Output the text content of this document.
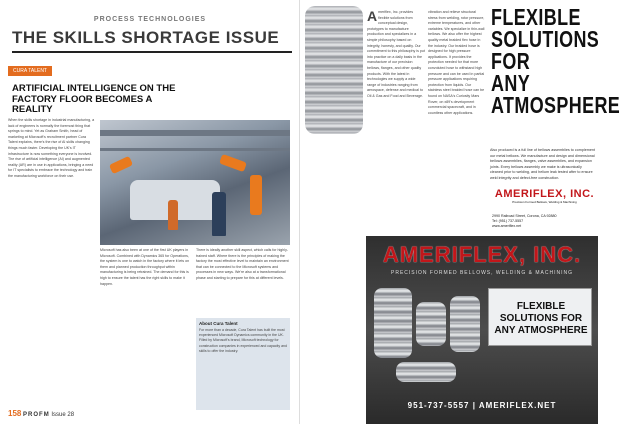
PROCESS TECHNOLOGIES
THE SKILLS SHORTAGE ISSUE
CURA TALENT
ARTIFICIAL INTELLIGENCE ON THE FACTORY FLOOR BECOMES A REALITY
When the skills shortage in industrial manufacturing, a lack of engineers is normally the foremost thing that springs to mind. Yet as Graham Smith, head of marketing at Microsoft's recruitment partner Cura Talent explains, there's the rise of AI skills changing things much faster. Developing the UK's IT infrastructure is now something everyone is involved. The rise of artificial intelligence (AI) and augmented reality (AR) are in use in applications, bringing a need for IT specialists to embrace the technology and train the manufacturing workforce on their use.
Microsoft has also been at one of the first UK players in Microsoft. Combined with Dynamics 365 for Operations, the system is one to watch in the factory where it lets on them and planned production throughput within manufacturing is being retrained. The demand for this is high to ensure the talent has the right skills to make it happen.
There is ideally another skill aspect, which calls for highly-trained staff. Where there is the principles of making the factory the most effective level to maintain an environment that can be connected to the Microsoft systems and processes in new ways. We're also at a transformational phase and starting to prepare for this at different levels.
About Cura Talent

For more than a decade, Cura Talent has built the most experienced Microsoft Dynamics community in the UK. Filled by Microsoft's brand, Microsoft technology for construction companies in experienced and capacity and skills to offer the industry.

158 PROFM Issue 28
A meriflex, Inc. provides flexible solutions from conceptual design, prototypes to manufacture production and specializes in a simple philosophy based on integrity, honesty, and quality. Our commitment to this philosophy is put into practice on a daily basis in the manufacture of our precision bellows, flanges, and other quality products. With the latest in technologies we supply a wide range of industries ranging from aerospace, defense and medical to Oil & Gas and Food and Beverage.
vibration and relieve structural stress from welding, rotor pressure, extreme temperatures, and other variables. We specialize in thin-wall bellows. We also offer the highest quality metal braided flex hose in the industry. Our braided hose is designed for high pressure applications. It provides the protection needed for that more convoluted hose to withstand high pressure and can be used in partial pressure applications requiring protection from liquids. Our stainless steel braided hose can be found on NASA's Curiosity Mars Rover, on x89's development commercial spacecraft, and in countless other applications.
FLEXIBLE SOLUTIONS FOR ANY ATMOSPHERE
Also produced is a full line of bellows assemblies to complement our metal bellows. We manufacture and design and dimensional bellows assemblies, flanges, valve assemblies, and expansion joints. Every bellows assembly we make is ultrasonically cleaned prior to welding, and helium leak tested after to ensure weld integrity and defect-free construction.
AMERIFLEX, INC.
Precision Formed Bellows, Welding & Machining
2990 Railroad Street, Corona, CA 92880
Tel: (951) 737-5557
www.ameriflex.net
AMERIFLEX, INC.
PRECISION FORMED BELLOWS, WELDING & MACHINING
FLEXIBLE SOLUTIONS FOR ANY ATMOSPHERE
951-737-5557 | AMERIFLEX.NET
